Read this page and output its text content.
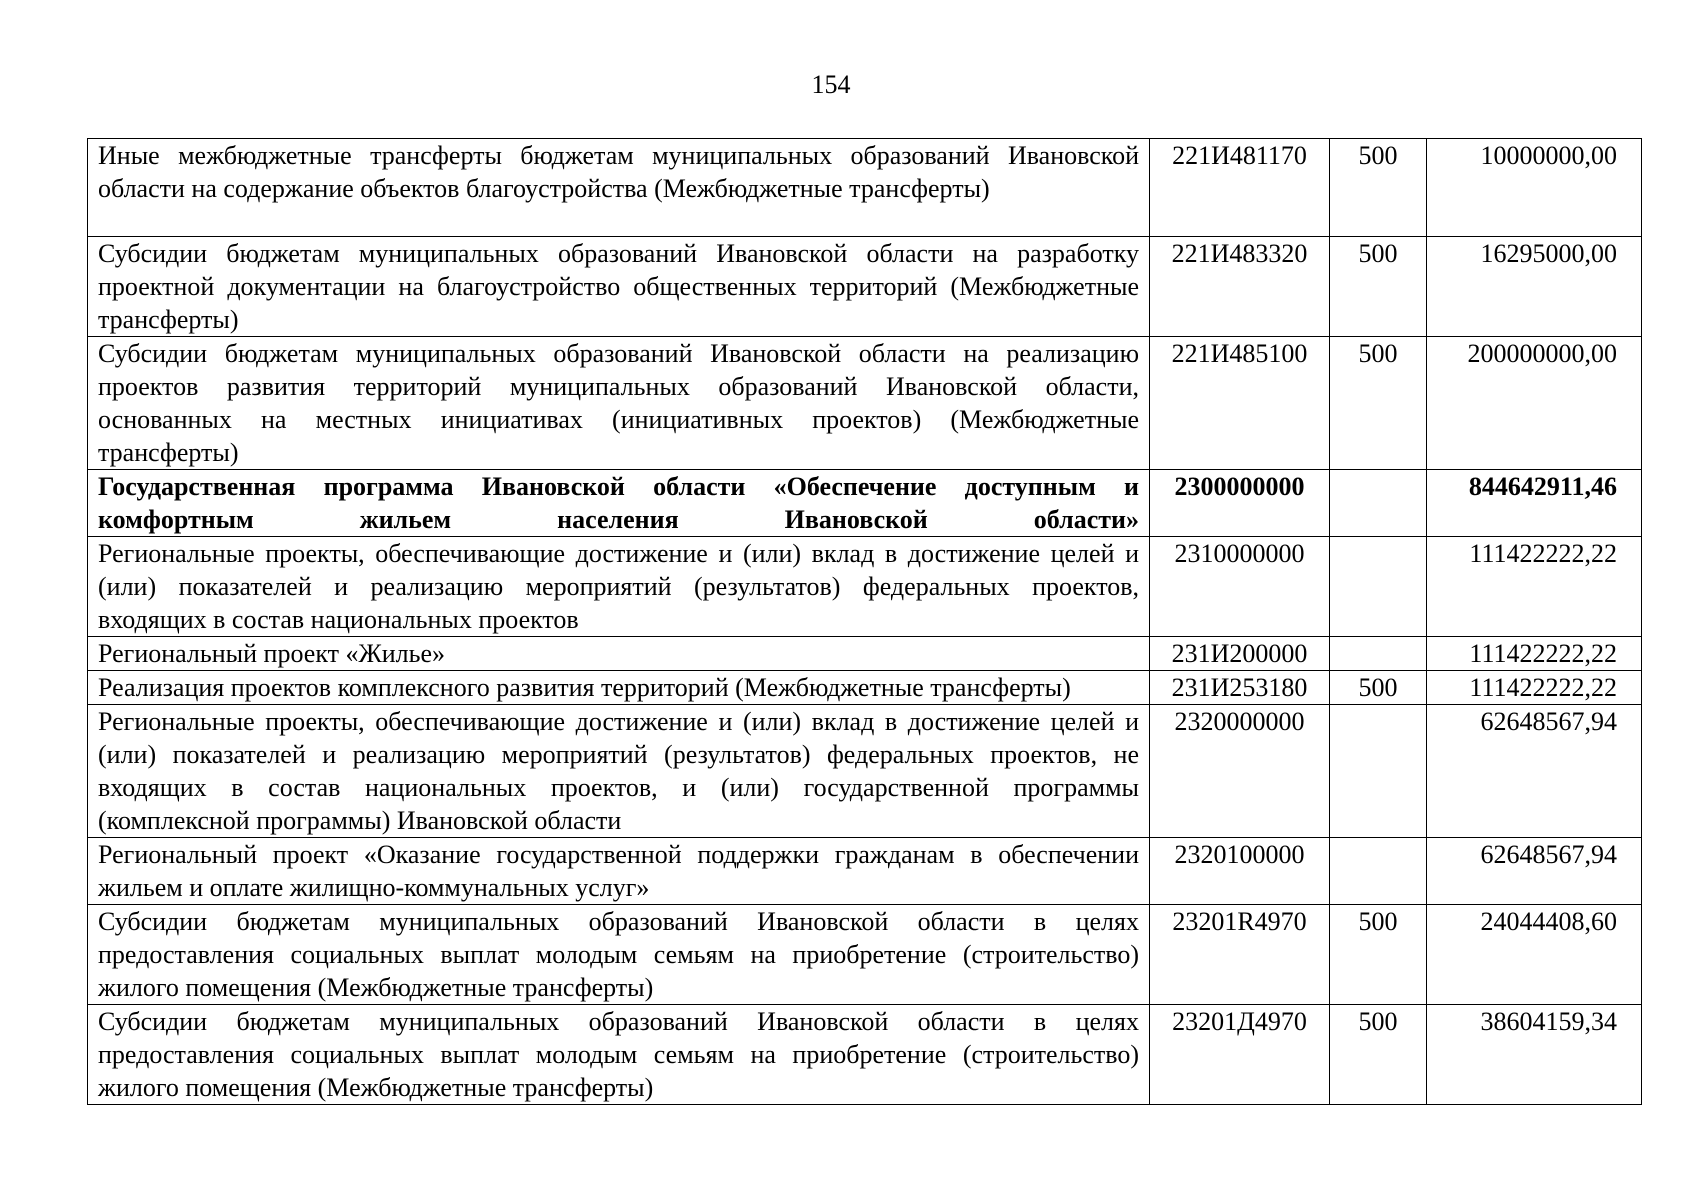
154
Иные межбюджетные трансферты бюджетам муниципальных образований Ивановской области на содержание объектов благоустройства (Межбюджетные трансферты)	221И481170	500	10000000,00
Субсидии бюджетам муниципальных образований Ивановской области на разработку проектной документации на благоустройство общественных территорий (Межбюджетные трансферты)	221И483320	500	16295000,00
Субсидии бюджетам муниципальных образований Ивановской области на реализацию проектов развития территорий муниципальных образований Ивановской области, основанных на местных инициативах (инициативных проектов) (Межбюджетные трансферты)	221И485100	500	200000000,00
Государственная программа Ивановской области «Обеспечение доступным и комфортным жильем населения Ивановской области»	2300000000		844642911,46
Региональные проекты, обеспечивающие достижение и (или) вклад в достижение целей и (или) показателей и реализацию мероприятий (результатов) федеральных проектов, входящих в состав национальных проектов	2310000000		111422222,22
Региональный проект «Жилье»	231И200000		111422222,22
Реализация проектов комплексного развития территорий (Межбюджетные трансферты)	231И253180	500	111422222,22
Региональные проекты, обеспечивающие достижение и (или) вклад в достижение целей и (или) показателей и реализацию мероприятий (результатов) федеральных проектов, не входящих в состав национальных проектов, и (или) государственной программы (комплексной программы) Ивановской области	2320000000		62648567,94
Региональный проект «Оказание государственной поддержки гражданам в обеспечении жильем и оплате жилищно-коммунальных услуг»	2320100000		62648567,94
Субсидии бюджетам муниципальных образований Ивановской области в целях предоставления социальных выплат молодым семьям на приобретение (строительство) жилого помещения (Межбюджетные трансферты)	23201R4970	500	24044408,60
Субсидии бюджетам муниципальных образований Ивановской области в целях предоставления социальных выплат молодым семьям на приобретение (строительство) жилого помещения (Межбюджетные трансферты)	23201Д4970	500	38604159,34
